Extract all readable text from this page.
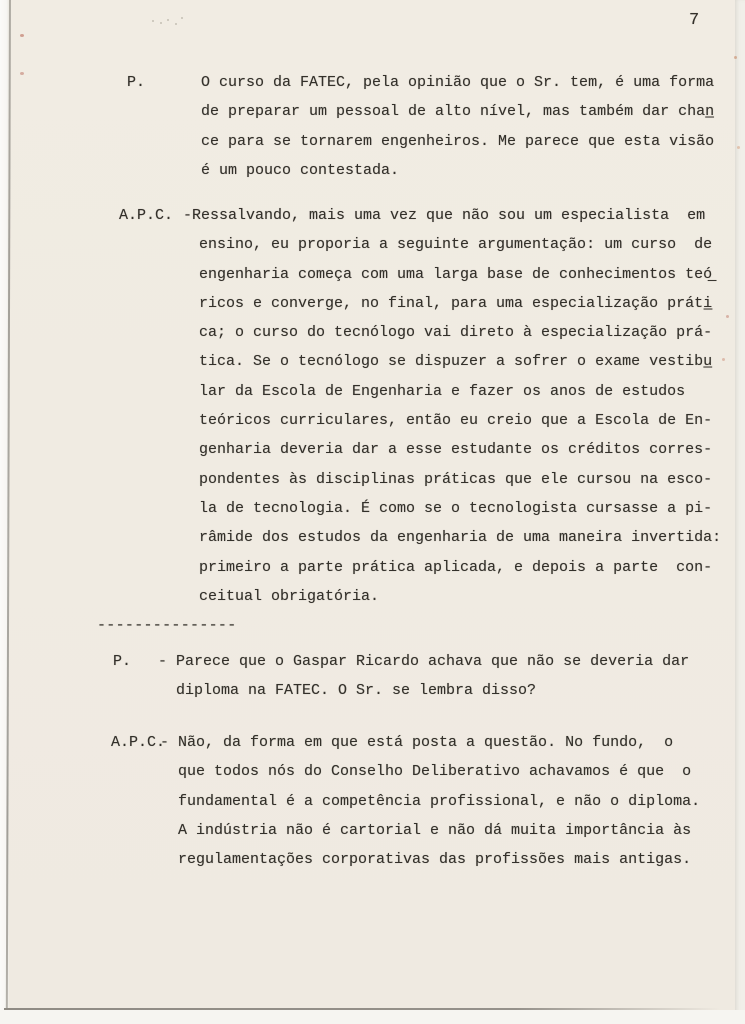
7
P.	O curso da FATEC, pela opinião que o Sr. tem, é uma forma
de preparar um pessoal de alto nível, mas também dar chan̲
ce para se tornarem engenheiros. Me parece que esta visão
é um pouco contestada.
A.P.C. -Ressalvando, mais uma vez que não sou um especialista  em
ensino, eu proporia a seguinte argumentação: um curso  de
engenharia começa com uma larga base de conhecimentos teó̲
ricos e converge, no final, para uma especialização práti̲
ca; o curso do tecnólogo vai direto à especialização prá-
tica. Se o tecnólogo se dispuzer a sofrer o exame vestibu̲
lar da Escola de Engenharia e fazer os anos de estudos
teóricos curriculares, então eu creio que a Escola de En-
genharia deveria dar a esse estudante os créditos corres-
pondentes às disciplinas práticas que ele cursou na esco-
la de tecnologia. É como se o tecnologista cursasse a pi-
râmide dos estudos da engenharia de uma maneira invertida:
primeiro a parte prática aplicada, e depois a parte  con-
ceitual obrigatória.
---------------
P. - Parece que o Gaspar Ricardo achava que não se deveria dar
diploma na FATEC. O Sr. se lembra disso?
A.P.C.
- Não, da forma em que está posta a questão. No fundo,  o
que todos nós do Conselho Deliberativo achavamos é que  o
fundamental é a competência profissional, e não o diploma.
A indústria não é cartorial e não dá muita importância às
regulamentações corporativas das profissões mais antigas.
